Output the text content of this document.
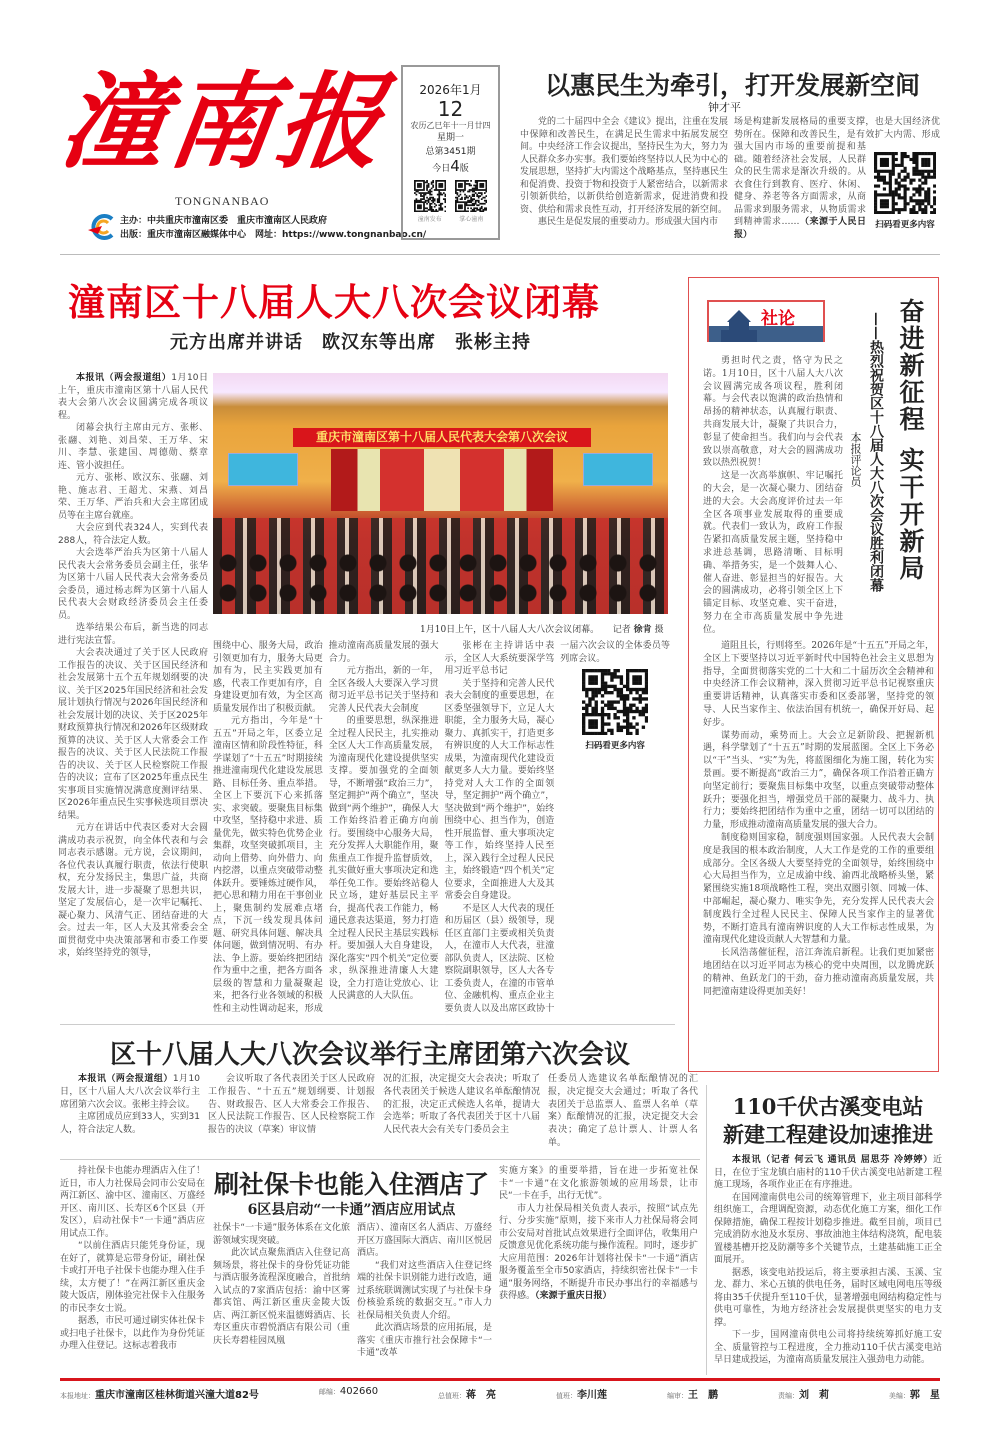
潼南报
TONGNANBAO
主办：中共重庆市潼南区委　重庆市潼南区人民政府
出版：重庆市潼南区融媒体中心　网址：https://www.tongnanbao.cn/
2026年1月
12
农历乙巳年十一月廿四
星期一
总第3451期
今日4版
潼南发布	掌心潼南
以惠民生为牵引，打开发展新空间
钟才平

党的二十届四中全会《建议》提出，注重在发展中保障和改善民生，在满足民生需求中拓展发展空间。中央经济工作会议提出，坚持民生为大，努力为人民群众多办实事。我们要始终坚持以人民为中心的发展思想，坚持扩大内需这个战略基点，坚持惠民生和促消费、投资于物和投资于人紧密结合，以新需求引领新供给，以新供给创造新需求，促进消费和投资、供给和需求良性互动，打开经济发展的新空间。

惠民生是促发展的重要动力。形成强大国内市	扫码看更多内容
场是构建新发展格局的重要支撑，也是大国经济优势所在。保障和改善民生，是有效扩大内需、形成强大国内市场的重要前提和基础。随着经济社会发展，人民群众的民生需求是渐次升级的。从衣食住行到教育、医疗、休闲、健身、养老等各方面需求，从商品需求到服务需求，从物质需求到精神需求……（来源于人民日报）
潼南区十八届人大八次会议闭幕
元方出席并讲话　欧汉东等出席　张彬主持

本报讯（两会报道组）1月10日上午，重庆市潼南区第十八届人民代表大会第八次会议圆满完成各项议程。

闭幕会执行主席由元方、张彬、张翮、刘艳、刘昌荣、王万华、宋川、李慧、张建国、周德勋、蔡章连、管小波担任。

元方、张彬、欧汉东、张翮、刘艳、施志君、王超尤、宋燕、刘昌荣、王万华、严治兵和大会主席团成员等在主席台就座。

大会应到代表324人，实到代表288人，符合法定人数。

大会选举严治兵为区第十八届人民代表大会常务委员会副主任，张华为区第十八届人民代表大会常务委员会委员，通过杨志辉为区第十八届人民代表大会财政经济委员会主任委员。

选举结果公布后，新当选的同志进行宪法宣誓。

大会表决通过了关于区人民政府工作报告的决议、关于区国民经济和社会发展第十五个五年规划纲要的决议、关于区2025年国民经济和社会发展计划执行情况与2026年国民经济和社会发展计划的决议、关于区2025年财政预算执行情况和2026年区级财政预算的决议、关于区人大常委会工作报告的决议、关于区人民法院工作报告的决议、关于区人民检察院工作报告的决议；宣布了区2025年重点民生实事项目实施情况满意度测评结果、区2026年重点民生实事候选项目票决结果。

元方在讲话中代表区委对大会圆满成功表示祝贺，向全体代表和与会同志表示感谢。元方说，会议期间，各位代表认真履行职责，依法行使职权，充分发扬民主，集思广益，共商发展大计，进一步凝聚了思想共识，坚定了发展信心，是一次牢记嘱托、凝心聚力、风清气正、团结奋进的大会。过去一年，区人大及其常委会全面贯彻党中央决策部署和市委工作要求，始终坚持党的领导，

重庆市潼南区第十八届人民代表大会第八次会议
1月10日上午，区十八届人大八次会议闭幕。　　 记者 徐肯 摄

围绕中心、服务大局，政治引领更加有力，服务大局更加有为，民主实践更加有感，代表工作更加有序，自身建设更加有效，为全区高质量发展作出了积极贡献。

元方指出，今年是“十五五”开局之年，区委立足潼南区情和阶段性特征，科学谋划了“十五五”时期接续推进潼南现代化建设发展思路、目标任务、重点举措。全区上下要沉下心来抓落实、求突破。要聚焦目标集中攻坚，坚持稳中求进、质量优先，做实特色优势企业集群，攻坚突破抓项目，主动向上借势、向外借力、向内挖潜，以重点突破带动整体跃升。要锤炼过硬作风，把心思和精力用在干事创业上，聚焦制约发展难点堵点，下沉一线发现具体问题、研究具体问题、解决具体问题，做到情况明、有办法、争上游。要始终把团结作为重中之重，把各方面各层级的智慧和力量凝聚起来，把各行业各领域的积极性和主动性调动起来，形成推动潼南高质量发展的强大合力。

元方指出，新的一年，全区各级人大要深入学习贯彻习近平总书记关于坚持和完善人民代表大会制度

的重要思想，纵深推进全过程人民民主，扎实推动全区人大工作高质量发展，为潼南现代化建设提供坚实支撑。要加强党的全面领导，不断增强“政治三力”，坚定拥护“两个确立”，坚决做到“两个维护”，确保人大工作始终沿着正确方向前行。要围绕中心服务大局，充分发挥人大职能作用，聚焦重点工作提升监督质效，扎实做好重大事项决定和选举任免工作。要始终站稳人民立场，建好基层民主平台，提高代表工作能力，畅通民意表达渠道，努力打造全过程人民民主基层实践标杆。要加强人大自身建设，深化落实“四个机关”定位要求，纵深推进清廉人大建设，全力打造让党放心、让人民满意的人大队伍。

张彬在主持讲话中表示，全区人大系统要深学笃用习近平总书记

关于坚持和完善人民代表大会制度的重要思想，在区委坚强领导下，立足人大职能，全力服务大局，凝心聚力、真抓实干，打造更多有辨识度的人大工作标志性成果，为潼南现代化建设贡献更多人大力量。要始终坚持党对人大工作的全面领导，坚定拥护“两个确立”，坚决做到“两个维护”，始终围绕中心、担当作为，创造性开展监督、重大事项决定等工作，始终坚持人民至上，深入践行全过程人民民主，始终锻造“四个机关”定位要求，全面推进人大及其常委会自身建设。

不是区人大代表的现任和历届区（县）级领导，现任区直部门主要或相关负责人，在潼市人大代表，驻潼部队负责人，区法院、区检察院副职领导，区人大各专工委负责人，在潼的市管单位、金融机构、重点企业主要负责人以及出席区政协十一届六次会议的全体委员等列席会议。

扫码看更多内容
社论	奋进新征程实干开新局
——热烈祝贺区十八届人大八次会议胜利闭幕
本报评论员

勇担时代之责，恪守为民之诺。1月10日，区十八届人大八次会议圆满完成各项议程，胜利闭幕。与会代表以饱满的政治热情和昂扬的精神状态，认真履行职责、共商发展大计，凝聚了共识合力，彰显了使命担当。我们向与会代表致以崇高敬意，对大会的圆满成功致以热烈祝贺！

这是一次高举旗帜、牢记嘱托的大会，是一次凝心聚力、团结奋进的大会。大会高度评价过去一年全区各项事业发展取得的重要成就。代表们一致认为，政府工作报告紧扣高质量发展主题，坚持稳中求进总基调，思路清晰、目标明确、举措务实，是一个鼓舞人心、催人奋进、彰显担当的好报告。大会的圆满成功，必将引领全区上下锚定目标、攻坚克难、实干奋进，努力在全市高质量发展中争先进位。

道阻且长，行则将至。2026年是“十五五”开局之年，全区上下要坚持以习近平新时代中国特色社会主义思想为指导，全面贯彻落实党的二十大和二十届历次全会精神和中央经济工作会议精神，深入贯彻习近平总书记视察重庆重要讲话精神，认真落实市委和区委部署，坚持党的领导、人民当家作主、依法治国有机统一，确保开好局、起好步。

谋势而动，乘势而上。大会立足新阶段、把握新机遇，科学擘划了“十五五”时期的发展蓝图。全区上下务必以“干”当头、“实”为先，将蓝图细化为施工图，转化为实景画。要不断提高“政治三力”，确保各项工作沿着正确方向坚定前行；要聚焦目标集中攻坚，以重点突破带动整体跃升；要强化担当，增强党员干部的凝聚力、战斗力、执行力；要始终把团结作为重中之重，团结一切可以团结的力量，形成推动潼南高质量发展的强大合力。

制度稳则国家稳，制度强则国家强。人民代表大会制度是我国的根本政治制度，人大工作是党的工作的重要组成部分。全区各级人大要坚持党的全面领导，始终围绕中心大局担当作为，立足成渝中线、渝西北战略桥头堡，紧紧围绕实施18项战略性工程，突出双圈引领、同城一体、中部崛起，凝心聚力、唯实争先，充分发挥人民代表大会制度践行全过程人民民主、保障人民当家作主的显著优势，不断打造具有潼南辨识度的人大工作标志性成果，为潼南现代化建设贡献人大智慧和力量。

长风浩荡催征程，涪江奔流启新程。让我们更加紧密地团结在以习近平同志为核心的党中央周围，以龙腾虎跃的精神、鱼跃龙门的干劲，奋力推动潼南高质量发展，共同把潼南建设得更加美好！

区十八届人大八次会议举行主席团第六次会议

本报讯（两会报道组）1月10日，区十八届人大八次会议举行主席团第六次会议。张彬主持会议。

主席团成员应到33人，实到31人，符合法定人数。

会议听取了各代表团关于区人民政府工作报告、“十五五”规划纲要、计划报告、财政报告、区人大常委会工作报告、区人民法院工作报告、区人民检察院工作报告的决议（草案）审议情

况的汇报，决定提交大会表决；听取了各代表团关于候选人建议名单酝酿情况的汇报，决定正式候选人名单，提请大会选举；听取了各代表团关于区十八届人民代表大会有关专门委员会主
任委员人选建议名单酝酿情况的汇报，决定提交大会通过；听取了各代表团关于总监票人、监票人名单（草案）酝酿情况的汇报，决定提交大会表决；确定了总计票人、计票人名单。
110千伏古溪变电站
新建工程建设加速推进

本报讯（记者 何云飞 通讯员 屈思芬 冷婷婷）近日，在位于宝龙镇白庙村的110千伏古溪变电站新建工程施工现场，各项作业正在有序推进。

在国网潼南供电公司的统筹管理下，业主项目部科学组织施工，合理调配资源，动态优化施工方案，细化工作保障措施，确保工程按计划稳步推进。截至目前，项目已完成消防水池及水泵房、事故油池主体结构浇筑，配电装置楼基槽开挖及防潮等多个关键节点，土建基础施工正全面展开。

据悉，该变电站投运后，将主要承担古溪、玉溪、宝龙、群力、米心五镇的供电任务，届时区域电网电压等级将由35千伏提升至110千伏，显著增强电网结构稳定性与供电可靠性，为地方经济社会发展提供更坚实的电力支撑。

下一步，国网潼南供电公司将持续统筹抓好施工安全、质量管控与工程进度，全力推动110千伏古溪变电站早日建成投运，为潼南高质量发展注入强劲电力动能。

刷社保卡也能入住酒店了
6区县启动“一卡通”酒店应用试点

持社保卡也能办理酒店入住了！近日，市人力社保局会同市公安局在两江新区、渝中区、潼南区、万盛经开区、南川区、长寿区6个区县（开发区），启动社保卡“一卡通”酒店应用试点工作。

“以前住酒店只能凭身份证，现在好了，就算是忘带身份证，刷社保卡或打开电子社保卡也能办理入住手续，太方便了！”在两江新区重庆金陵大饭店，刚体验完社保卡入住服务的市民李女士说。

据悉，市民可通过刷实体社保卡或扫电子社保卡，以此作为身份凭证办理入住登记。这标志着我市

社保卡“一卡通”服务体系在文化旅游领域实现突破。

此次试点聚焦酒店入住登记高频场景，将社保卡的身份凭证功能与酒店服务流程深度融合，首批纳入试点的7家酒店包括：渝中区雾都宾馆、两江新区重庆金陵大饭店、两江新区悦来温德姆酒店、长寿区重庆市碧悦酒店有限公司（重庆长寿碧桂园凤凰

酒店）、潼南区名人酒店、万盛经开区万盛国际大酒店、南川区悦居酒店。

“我们对这些酒店入住登记终端的社保卡识别能力进行改造，通过系统联调测试实现了与社保卡身份核验系统的数据交互。”市人力社保局相关负责人介绍。

此次酒店场景的应用拓展，是落实《重庆市推行社会保障卡“一卡通”改革

实施方案》的重要举措，旨在进一步拓宽社保卡“一卡通”在文化旅游领域的应用场景，让市民“一卡在手，出行无忧”。

市人力社保局相关负责人表示，按照“试点先行、分步实施”原则，接下来市人力社保局将会同市公安局对首批试点效果进行全面评估，收集用户反馈意见优化系统功能与操作流程。同时，逐步扩大应用范围：2026年计划将社保卡“一卡通”酒店服务覆盖至全市50家酒店，持续织密社保卡“一卡通”服务网络，不断提升市民办事出行的幸福感与获得感。（来源于重庆日报）

本报地址：重庆市潼南区桂林街道兴潼大道82号	邮编：402660	总值班：蒋　亮	值班：李川莲	编审：王　鹏	责编：刘　莉	美编：郭　星
